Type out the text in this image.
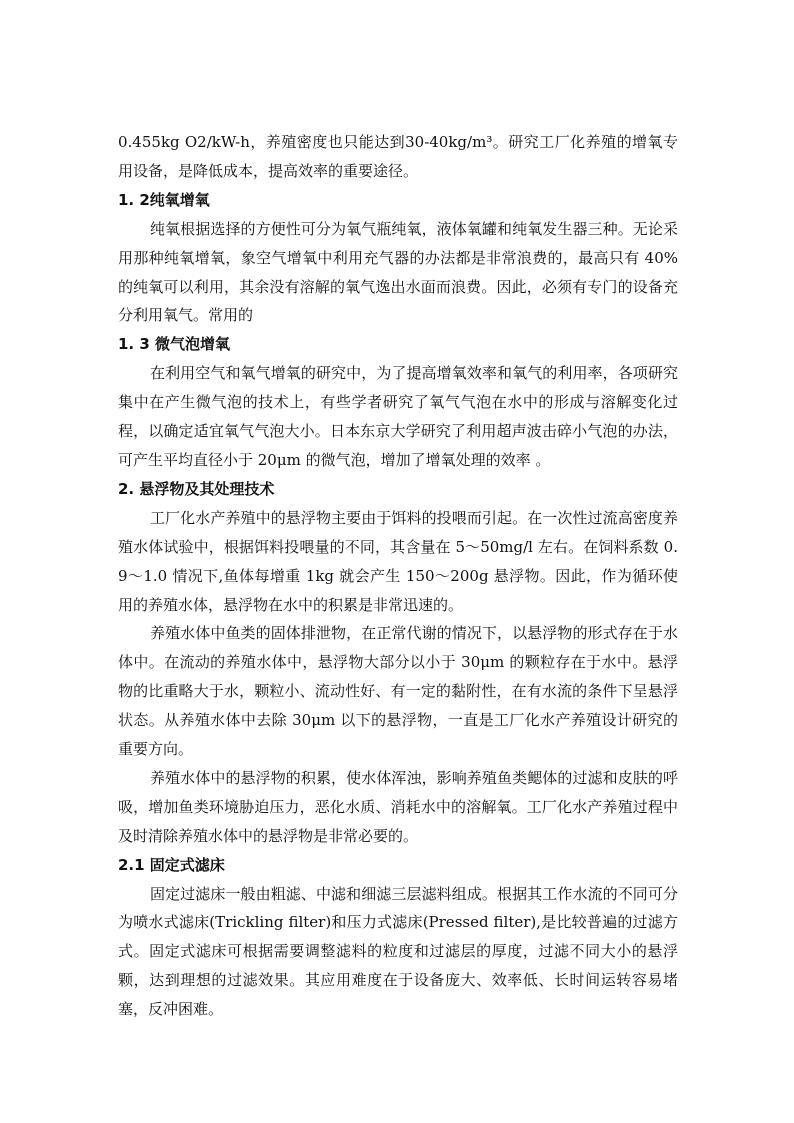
0.455kg O2/kW-h，养殖密度也只能达到30-40kg/m³。研究工厂化养殖的增氧专用设备，是降低成本，提高效率的重要途径。

1. 2纯氧增氧

纯氧根据选择的方便性可分为氧气瓶纯氧，液体氧罐和纯氧发生器三种。无论采用那种纯氧增氧，象空气增氧中利用充气器的办法都是非常浪费的，最高只有 40%的纯氧可以利用，其余没有溶解的氧气逸出水面而浪费。因此，必须有专门的设备充分利用氧气。常用的

1. 3 微气泡增氧

在利用空气和氧气增氧的研究中，为了提高增氧效率和氧气的利用率，各项研究集中在产生微气泡的技术上，有些学者研究了氧气气泡在水中的形成与溶解变化过程，以确定适宜氧气气泡大小。日本东京大学研究了利用超声波击碎小气泡的办法，可产生平均直径小于 20μm 的微气泡，增加了增氧处理的效率 。

2. 悬浮物及其处理技术

工厂化水产养殖中的悬浮物主要由于饵料的投喂而引起。在一次性过流高密度养殖水体试验中，根据饵料投喂量的不同，其含量在 5～50mg/l 左右。在饲料系数 0.9～1.0 情况下,鱼体每增重 1kg 就会产生 150～200g 悬浮物。因此，作为循环使用的养殖水体，悬浮物在水中的积累是非常迅速的。

养殖水体中鱼类的固体排泄物，在正常代谢的情况下，以悬浮物的形式存在于水体中。在流动的养殖水体中，悬浮物大部分以小于 30μm 的颗粒存在于水中。悬浮物的比重略大于水，颗粒小、流动性好、有一定的黏附性，在有水流的条件下呈悬浮状态。从养殖水体中去除 30μm 以下的悬浮物，一直是工厂化水产养殖设计研究的重要方向。

养殖水体中的悬浮物的积累，使水体浑浊，影响养殖鱼类鳃体的过滤和皮肤的呼吸，增加鱼类环境胁迫压力，恶化水质、消耗水中的溶解氧。工厂化水产养殖过程中及时清除养殖水体中的悬浮物是非常必要的。

2.1 固定式滤床

固定过滤床一般由粗滤、中滤和细滤三层滤料组成。根据其工作水流的不同可分为喷水式滤床(Trickling filter)和压力式滤床(Pressed filter),是比较普遍的过滤方式。固定式滤床可根据需要调整滤料的粒度和过滤层的厚度，过滤不同大小的悬浮颗，达到理想的过滤效果。其应用难度在于设备庞大、效率低、长时间运转容易堵塞，反冲困难。
